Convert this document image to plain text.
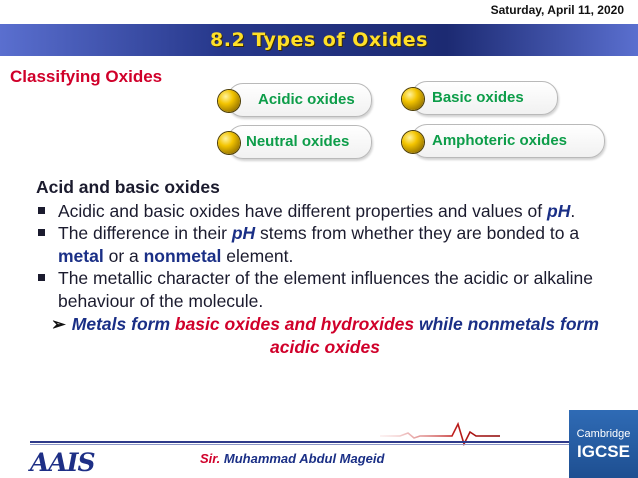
Saturday, April 11, 2020
8.2 Types of Oxides
Classifying Oxides
Acidic oxides	Basic oxides
Neutral oxides	Amphoteric oxides
Acid and basic oxides
Acidic and basic oxides have different properties and values of pH.
The difference in their pH stems from whether they are bonded to a metal or a nonmetal element.
The metallic character of the element influences the acidic or alkaline behaviour of the molecule.
➢ Metals form basic oxides and hydroxides while nonmetals form acidic oxides
AAIS	Sir. Muhammad Abdul Mageid
Cambridge
IGCSE
